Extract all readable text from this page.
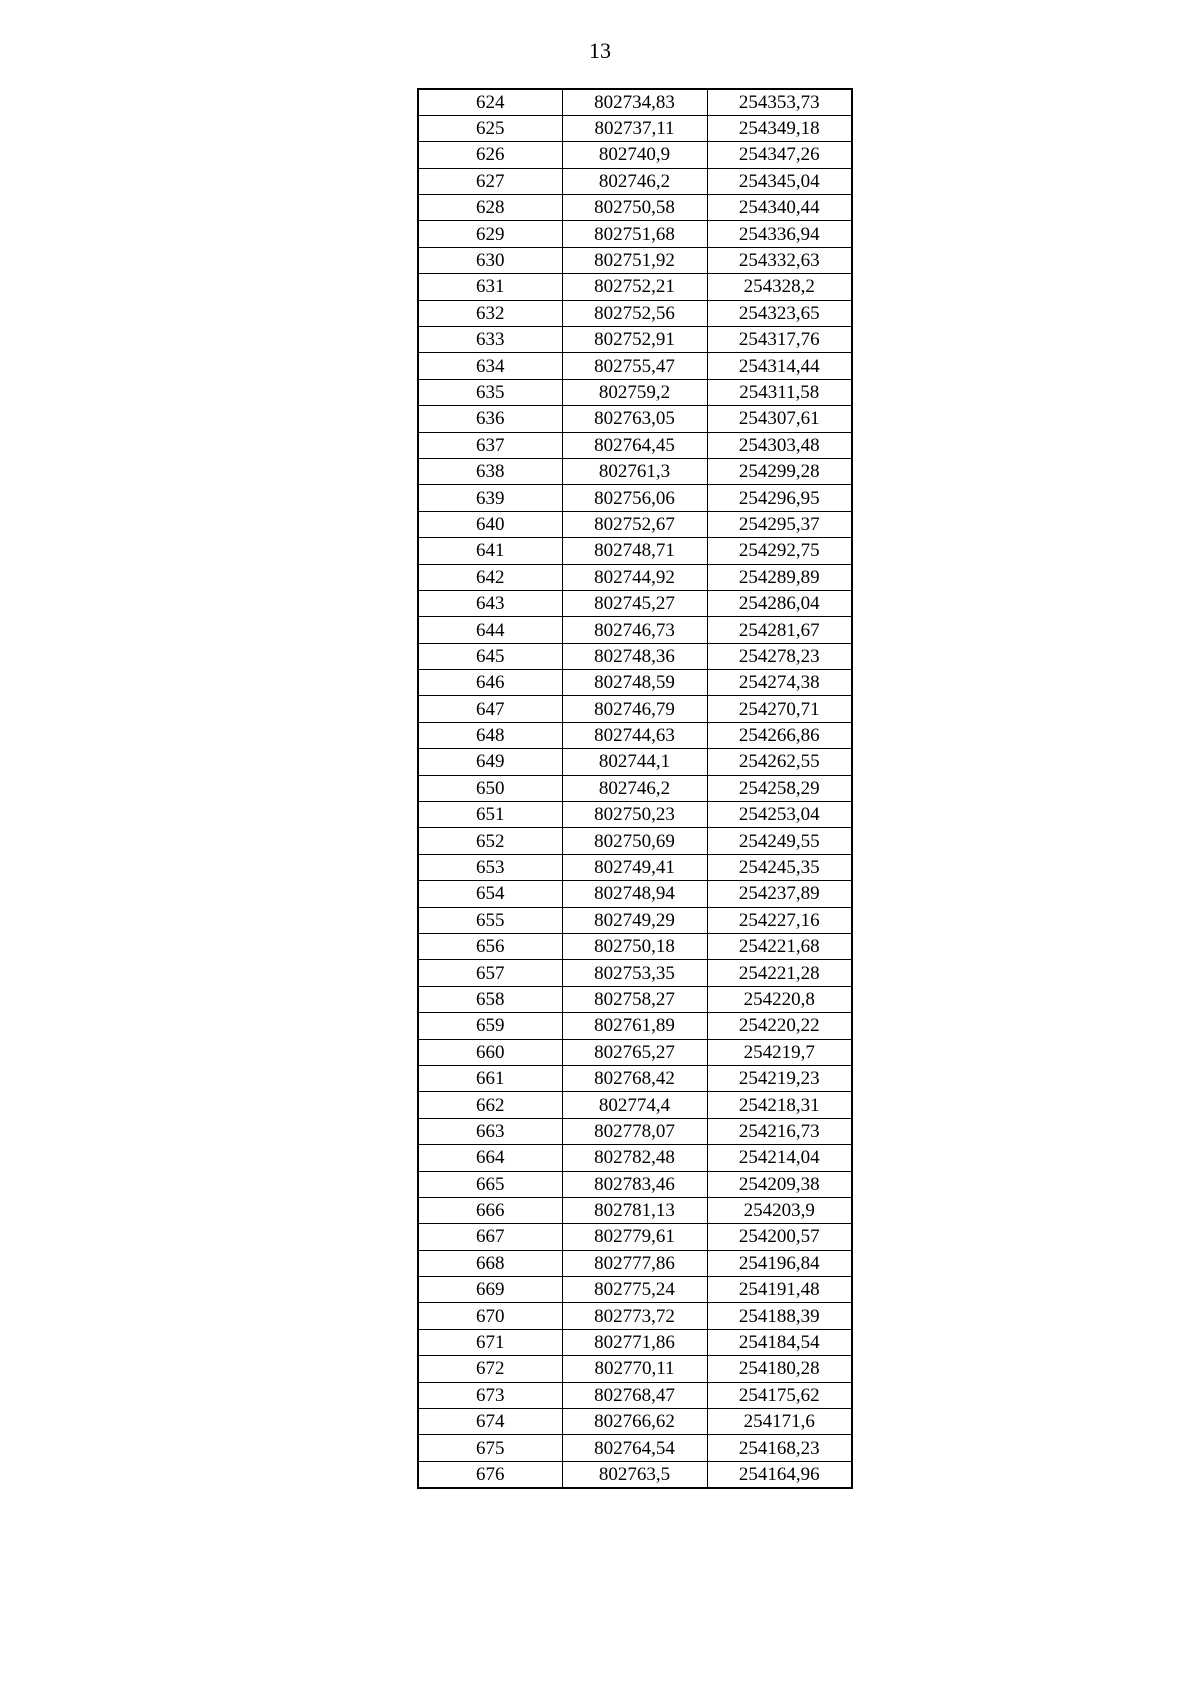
13
624	802734,83	254353,73
625	802737,11	254349,18
626	802740,9	254347,26
627	802746,2	254345,04
628	802750,58	254340,44
629	802751,68	254336,94
630	802751,92	254332,63
631	802752,21	254328,2
632	802752,56	254323,65
633	802752,91	254317,76
634	802755,47	254314,44
635	802759,2	254311,58
636	802763,05	254307,61
637	802764,45	254303,48
638	802761,3	254299,28
639	802756,06	254296,95
640	802752,67	254295,37
641	802748,71	254292,75
642	802744,92	254289,89
643	802745,27	254286,04
644	802746,73	254281,67
645	802748,36	254278,23
646	802748,59	254274,38
647	802746,79	254270,71
648	802744,63	254266,86
649	802744,1	254262,55
650	802746,2	254258,29
651	802750,23	254253,04
652	802750,69	254249,55
653	802749,41	254245,35
654	802748,94	254237,89
655	802749,29	254227,16
656	802750,18	254221,68
657	802753,35	254221,28
658	802758,27	254220,8
659	802761,89	254220,22
660	802765,27	254219,7
661	802768,42	254219,23
662	802774,4	254218,31
663	802778,07	254216,73
664	802782,48	254214,04
665	802783,46	254209,38
666	802781,13	254203,9
667	802779,61	254200,57
668	802777,86	254196,84
669	802775,24	254191,48
670	802773,72	254188,39
671	802771,86	254184,54
672	802770,11	254180,28
673	802768,47	254175,62
674	802766,62	254171,6
675	802764,54	254168,23
676	802763,5	254164,96
